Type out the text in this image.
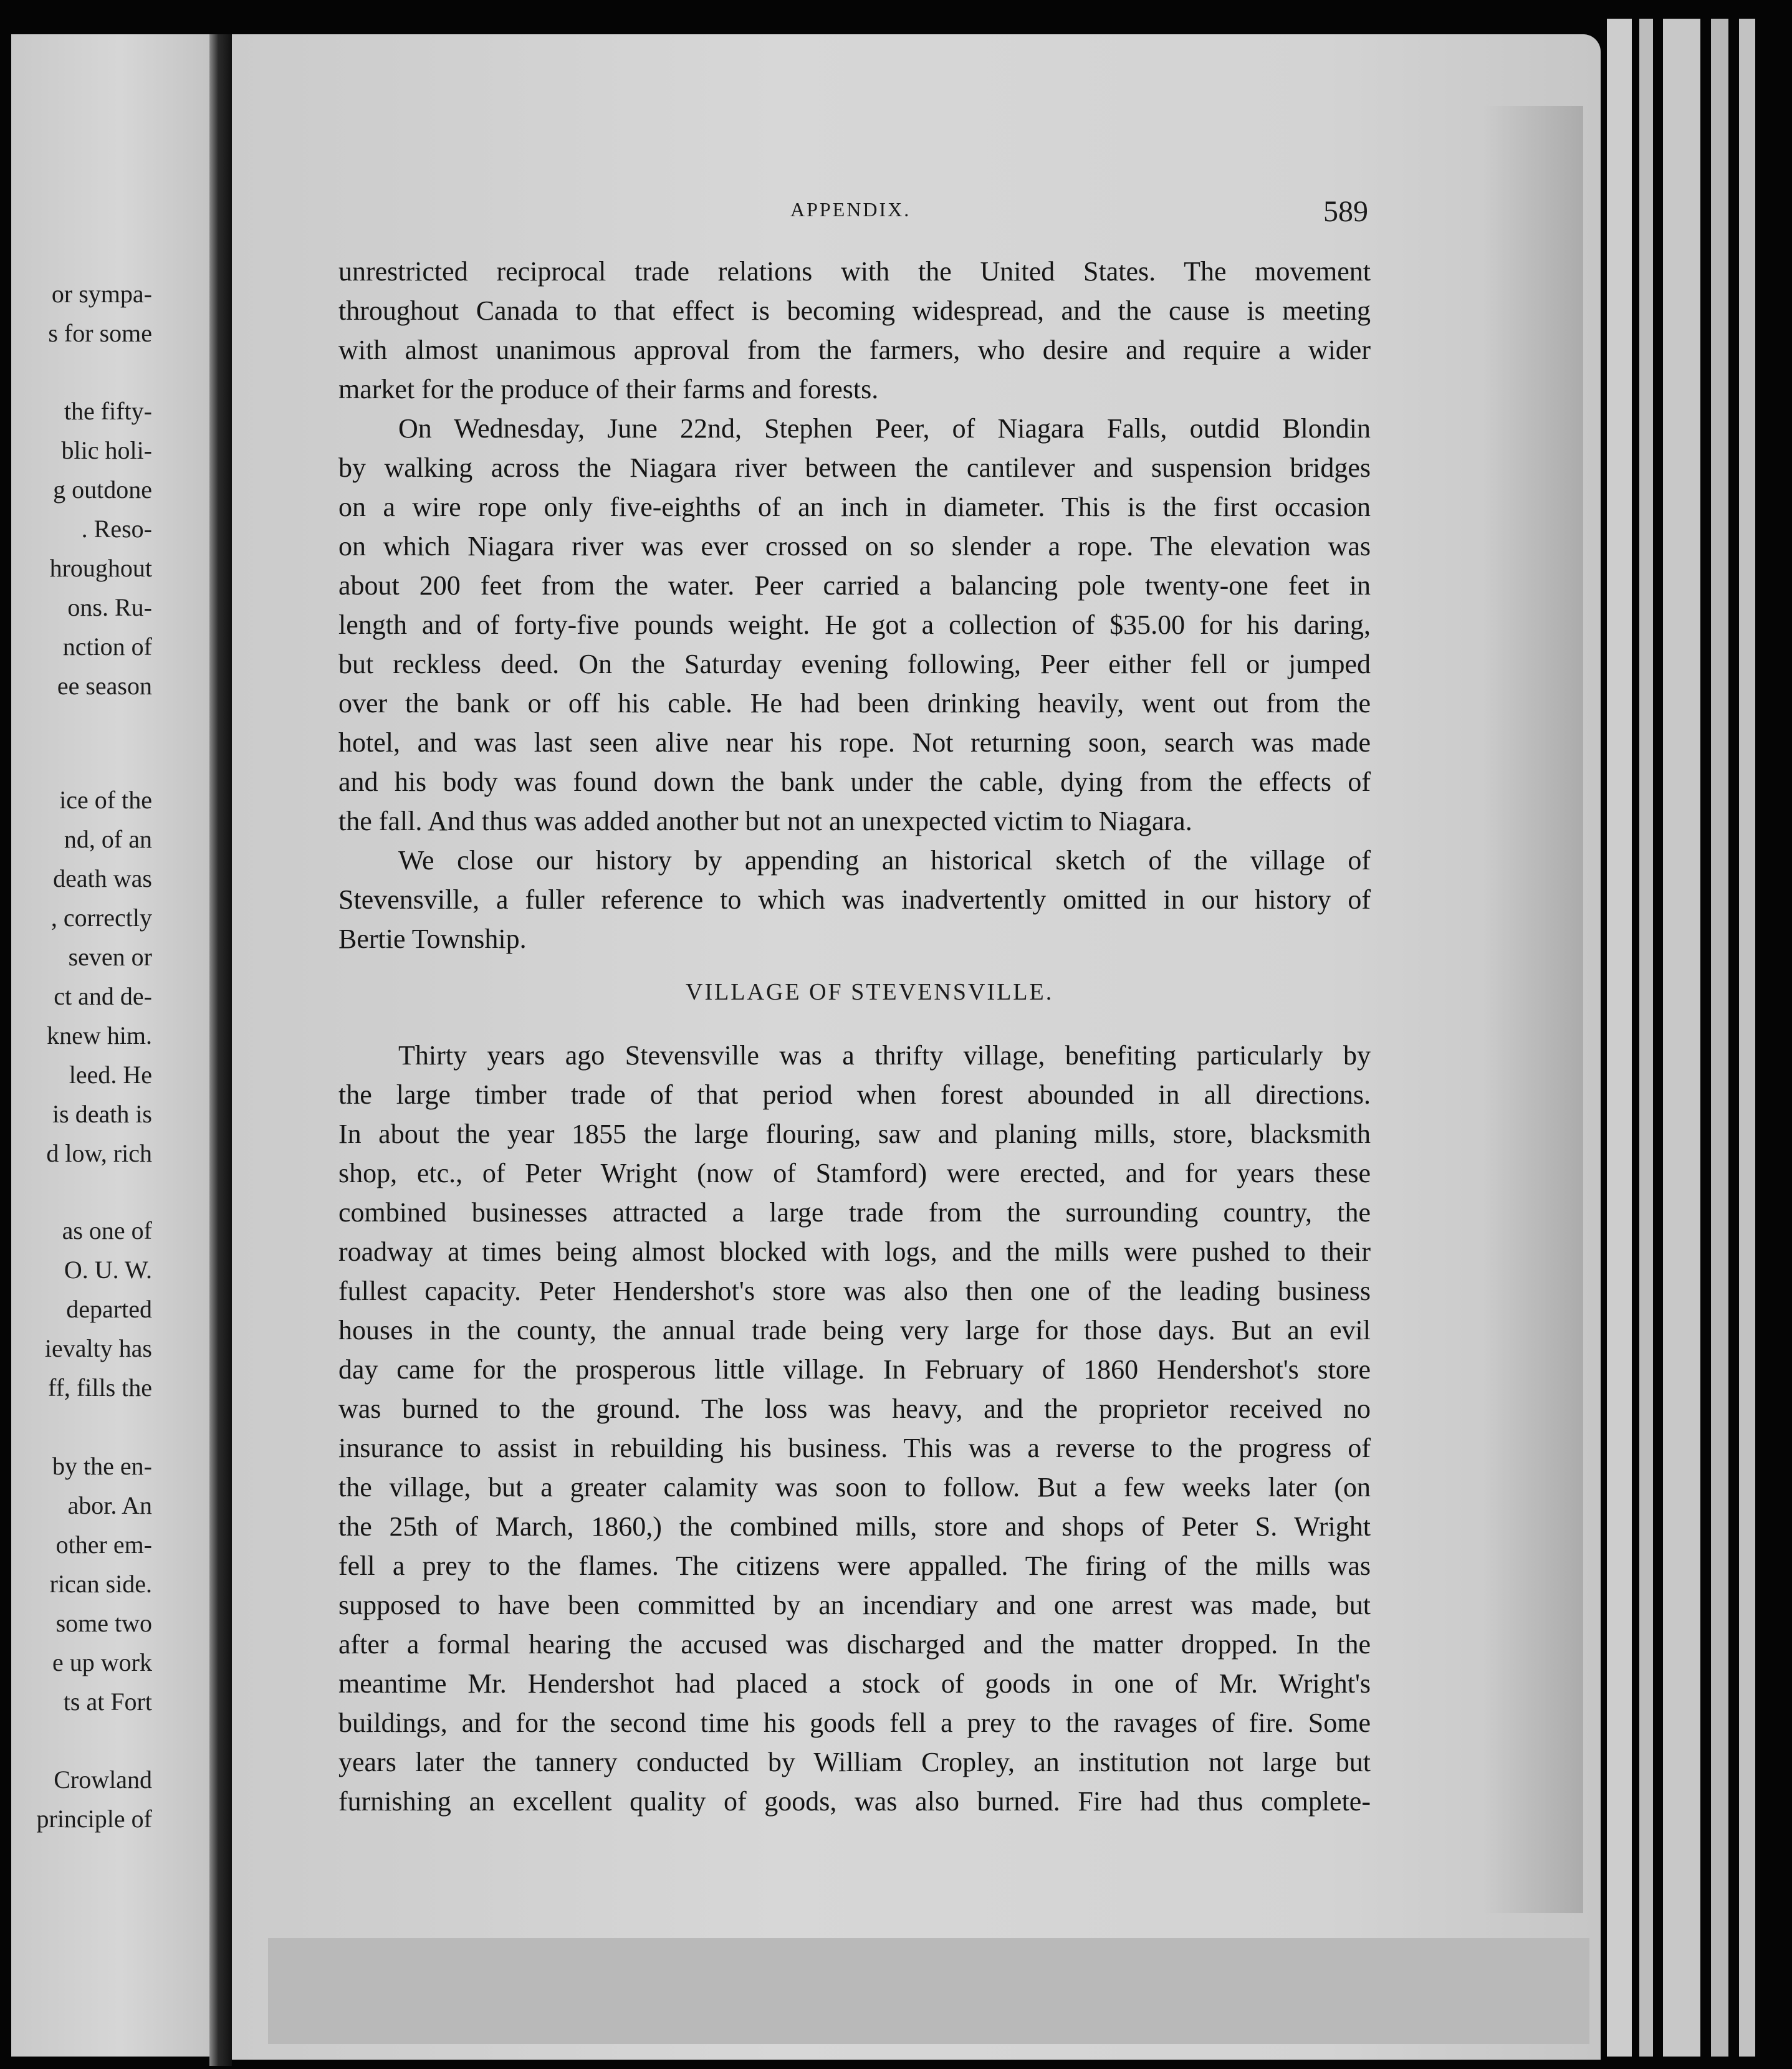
or sympa-
s for some
the fifty-
blic holi-
g outdone
. Reso-
hroughout
ons. Ru-
nction of
ee season
ice of the
nd, of an
death was
, correctly
seven or
ct and de-
knew him.
leed. He
is death is
d low, rich
as one of
O. U. W.
departed
ievalty has
ff, fills the
by the en-
abor. An
other em-
rican side.
some two
e up work
ts at Fort
Crowland
principle of
APPENDIX.	589
unrestricted reciprocal trade relations with the United States. The movement
throughout Canada to that effect is becoming widespread, and the cause is meeting
with almost unanimous approval from the farmers, who desire and require a wider
market for the produce of their farms and forests.
On Wednesday, June 22nd, Stephen Peer, of Niagara Falls, outdid Blondin
by walking across the Niagara river between the cantilever and suspension bridges
on a wire rope only five-eighths of an inch in diameter. This is the first occasion
on which Niagara river was ever crossed on so slender a rope. The elevation was
about 200 feet from the water. Peer carried a balancing pole twenty-one feet in
length and of forty-five pounds weight. He got a collection of $35.00 for his daring,
but reckless deed. On the Saturday evening following, Peer either fell or jumped
over the bank or off his cable. He had been drinking heavily, went out from the
hotel, and was last seen alive near his rope. Not returning soon, search was made
and his body was found down the bank under the cable, dying from the effects of
the fall. And thus was added another but not an unexpected victim to Niagara.
We close our history by appending an historical sketch of the village of
Stevensville, a fuller reference to which was inadvertently omitted in our history of
Bertie Township.
VILLAGE OF STEVENSVILLE.
Thirty years ago Stevensville was a thrifty village, benefiting particularly by
the large timber trade of that period when forest abounded in all directions.
In about the year 1855 the large flouring, saw and planing mills, store, blacksmith
shop, etc., of Peter Wright (now of Stamford) were erected, and for years these
combined businesses attracted a large trade from the surrounding country, the
roadway at times being almost blocked with logs, and the mills were pushed to their
fullest capacity. Peter Hendershot's store was also then one of the leading business
houses in the county, the annual trade being very large for those days. But an evil
day came for the prosperous little village. In February of 1860 Hendershot's store
was burned to the ground. The loss was heavy, and the proprietor received no
insurance to assist in rebuilding his business. This was a reverse to the progress of
the village, but a greater calamity was soon to follow. But a few weeks later (on
the 25th of March, 1860,) the combined mills, store and shops of Peter S. Wright
fell a prey to the flames. The citizens were appalled. The firing of the mills was
supposed to have been committed by an incendiary and one arrest was made, but
after a formal hearing the accused was discharged and the matter dropped. In the
meantime Mr. Hendershot had placed a stock of goods in one of Mr. Wright's
buildings, and for the second time his goods fell a prey to the ravages of fire. Some
years later the tannery conducted by William Cropley, an institution not large but
furnishing an excellent quality of goods, was also burned. Fire had thus complete-
